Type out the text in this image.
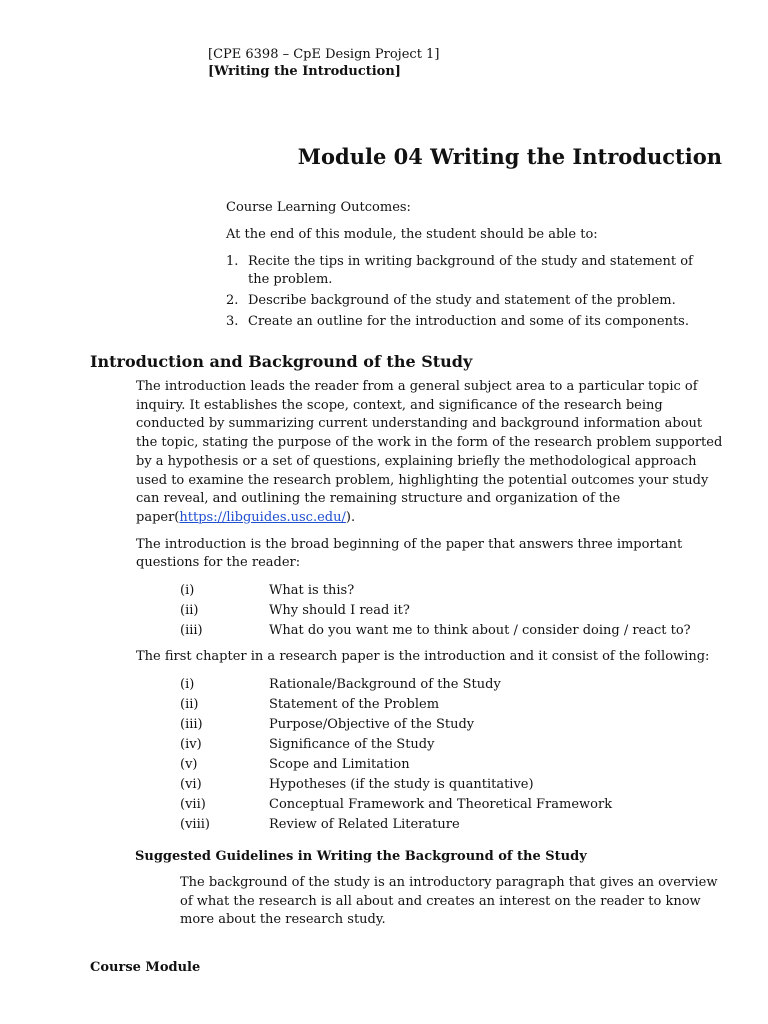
[CPE 6398 – CpE Design Project 1]
[Writing the Introduction]
Module 04 Writing the Introduction

Course Learning Outcomes:

At the end of this module, the student should be able to:

1. Recite the tips in writing background of the study and statement of the problem.
2. Describe background of the study and statement of the problem.
3. Create an outline for the introduction and some of its components.
Introduction and Background of the Study

The introduction leads the reader from a general subject area to a particular topic of inquiry. It establishes the scope, context, and significance of the research being conducted by summarizing current understanding and background information about the topic, stating the purpose of the work in the form of the research problem supported by a hypothesis or a set of questions, explaining briefly the methodological approach used to examine the research problem, highlighting the potential outcomes your study can reveal, and outlining the remaining structure and organization of the paper(https://libguides.usc.edu/).

The introduction is the broad beginning of the paper that answers three important questions for the reader:

(i)	What is this?
(ii)	Why should I read it?
(iii)	What do you want me to think about / consider doing / react to?

The first chapter in a research paper is the introduction and it consist of the following:

(i)	Rationale/Background of the Study
(ii)	Statement of the Problem
(iii)	Purpose/Objective of the Study
(iv)	Significance of the Study
(v)	Scope and Limitation
(vi)	Hypotheses (if the study is quantitative)
(vii)	Conceptual Framework and Theoretical Framework
(viii)	Review of Related Literature
Suggested Guidelines in Writing the Background of the Study

The background of the study is an introductory paragraph that gives an overview of what the research is all about and creates an interest on the reader to know more about the research study.

Course Module
